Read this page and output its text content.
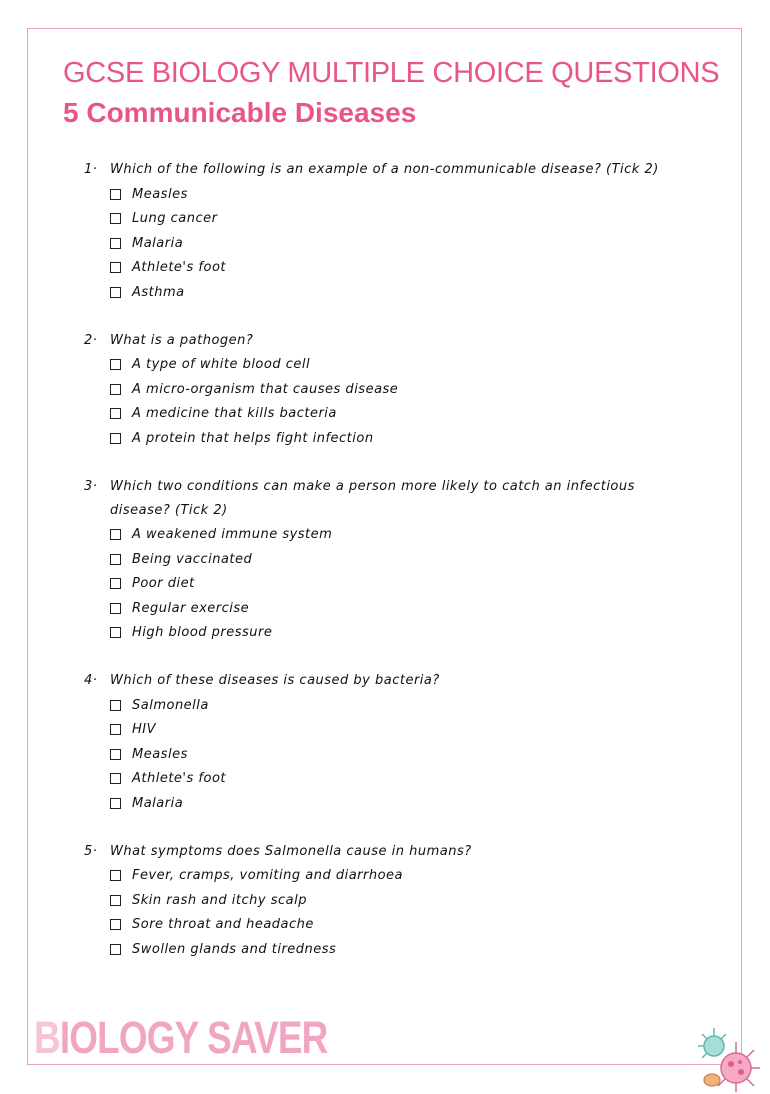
GCSE BIOLOGY MULTIPLE CHOICE QUESTIONS
5 Communicable Diseases
1· Which of the following is an example of a non-communicable disease? (Tick 2)
Measles
Lung cancer
Malaria
Athlete's foot
Asthma
2· What is a pathogen?
A type of white blood cell
A micro-organism that causes disease
A medicine that kills bacteria
A protein that helps fight infection
3· Which two conditions can make a person more likely to catch an infectious
disease? (Tick 2)
A weakened immune system
Being vaccinated
Poor diet
Regular exercise
High blood pressure
4· Which of these diseases is caused by bacteria?
Salmonella
HIV
Measles
Athlete's foot
Malaria
5· What symptoms does Salmonella cause in humans?
Fever, cramps, vomiting and diarrhoea
Skin rash and itchy scalp
Sore throat and headache
Swollen glands and tiredness
BIOLOGY SAVER
